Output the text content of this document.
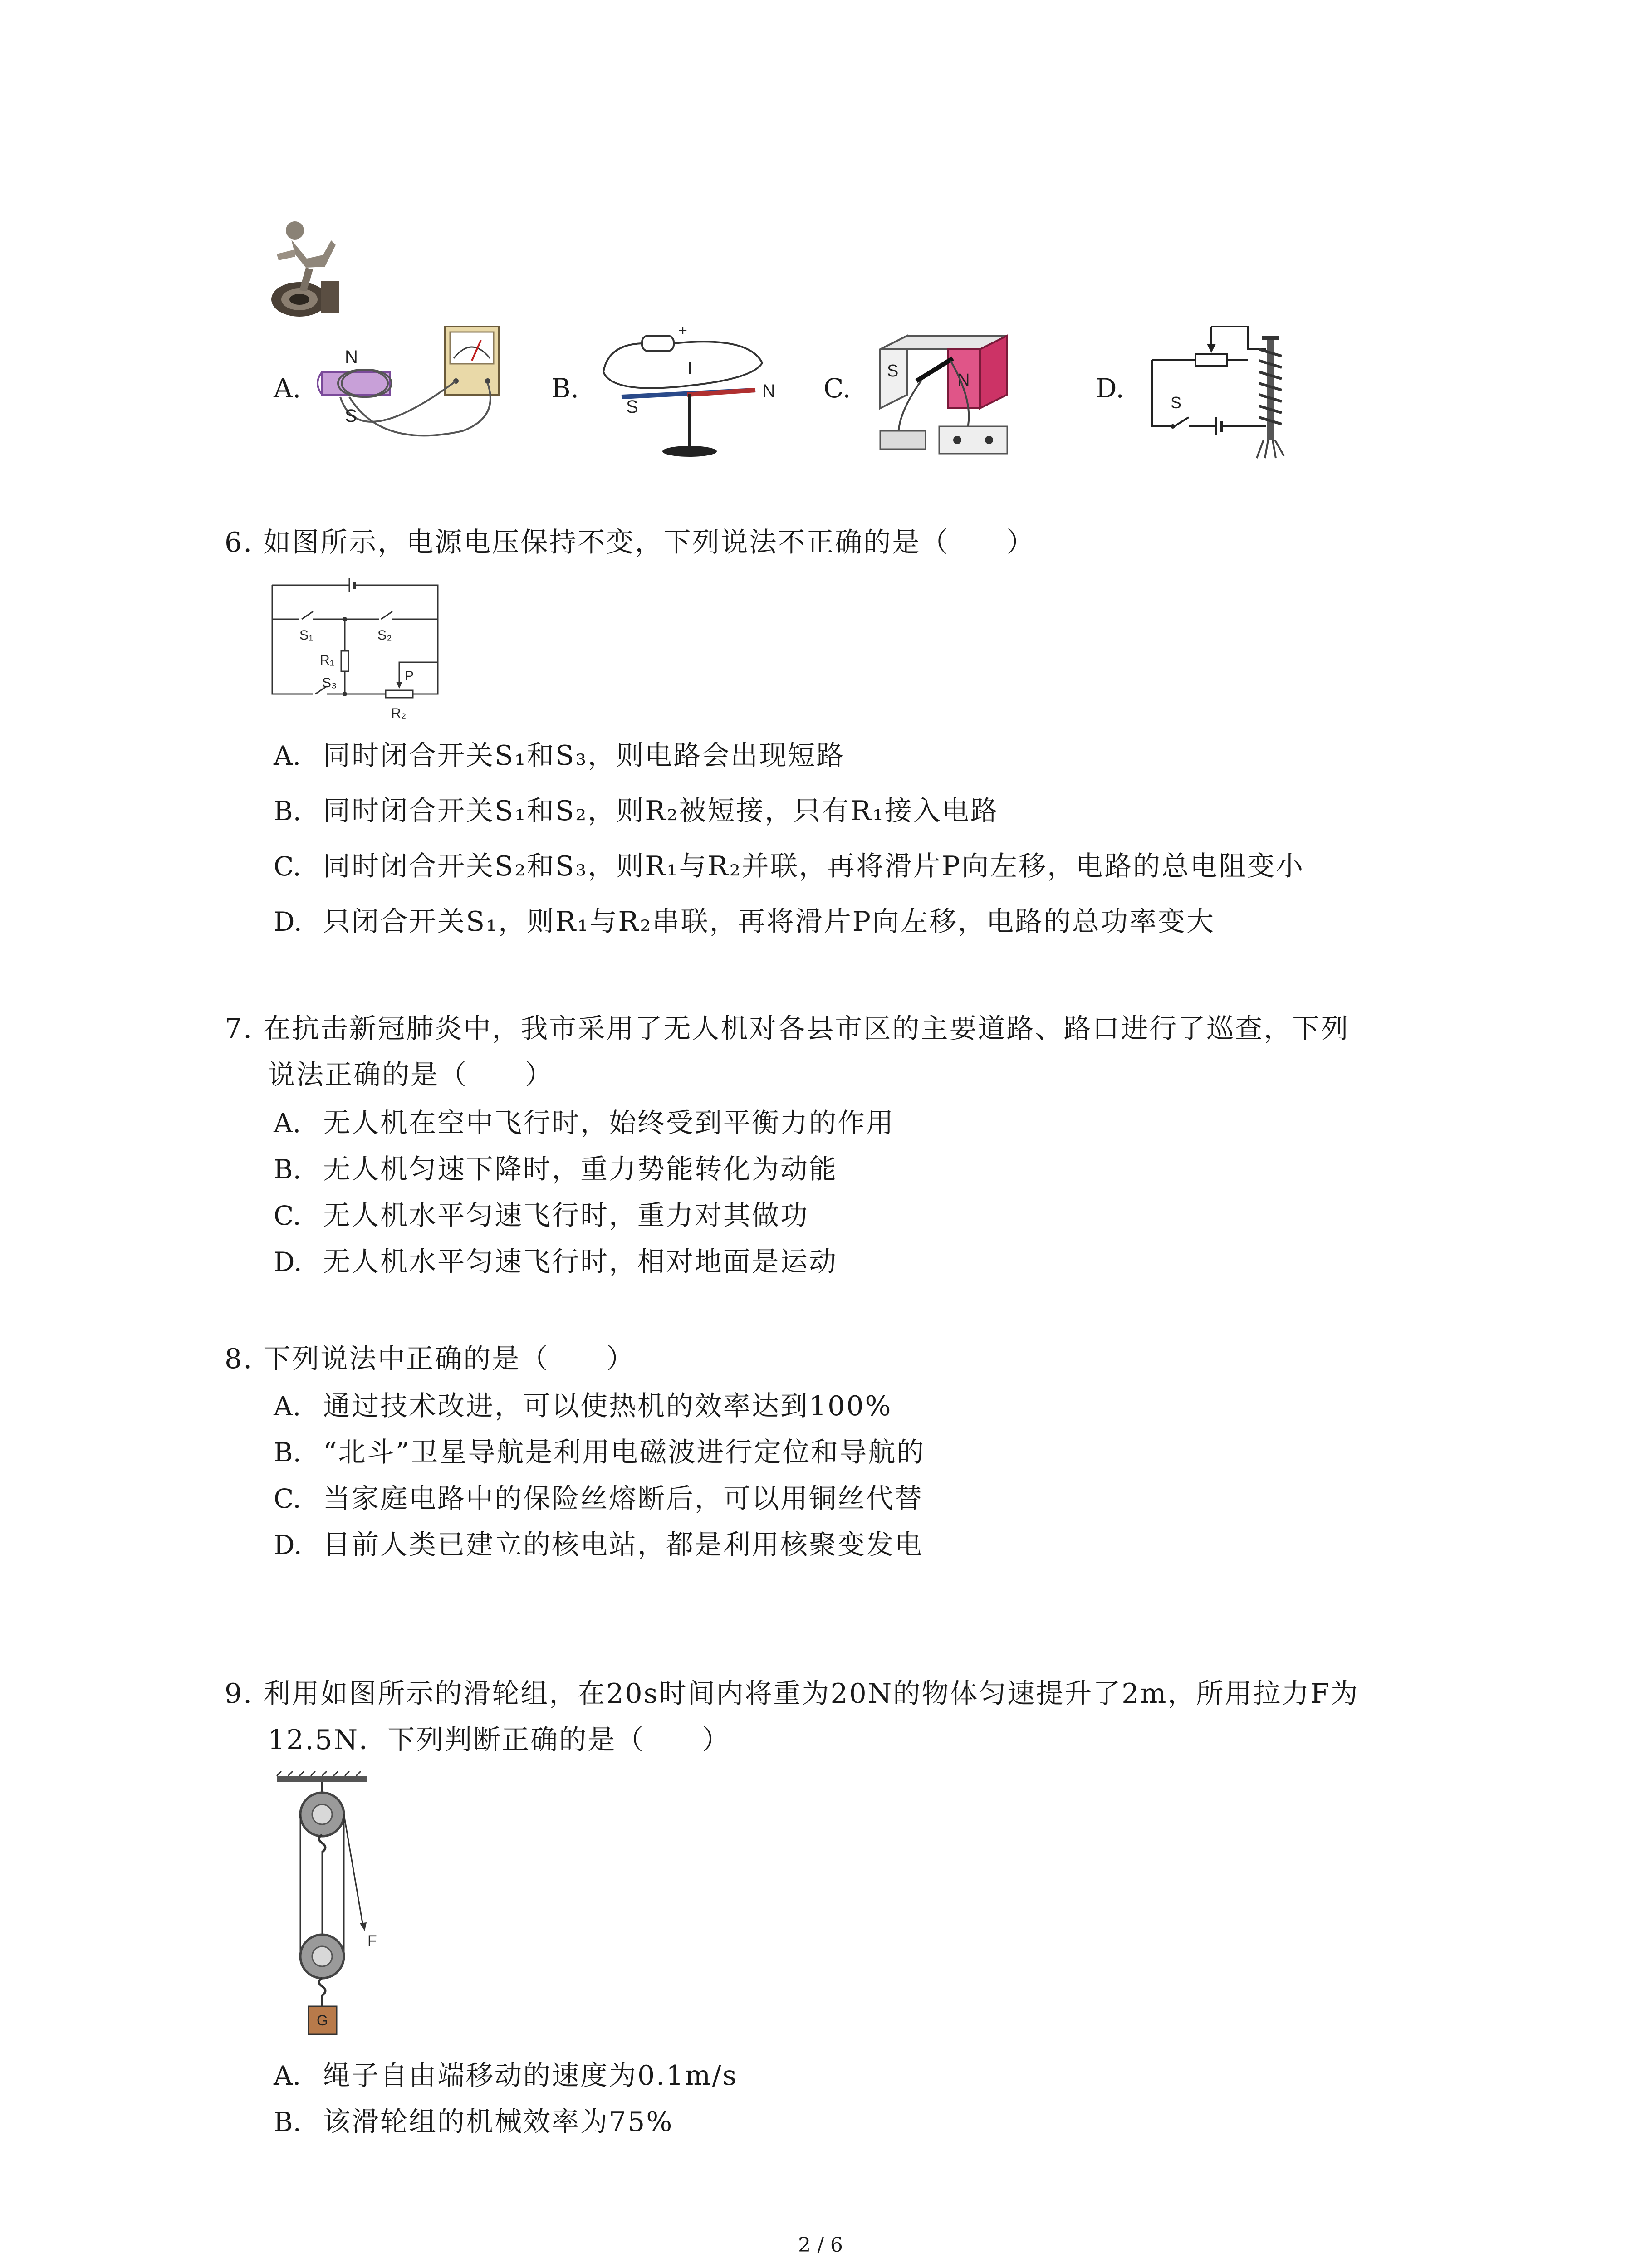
A.
N
S
B.
+
I
S
N C.
S	N	D.	S
6. 如图所示，电源电压保持不变，下列说法不正确的是（　　）
S₁	S₂
R₁
S₃	P
R₂
A. 同时闭合开关S₁和S₃，则电路会出现短路
B. 同时闭合开关S₁和S₂，则R₂被短接，只有R₁接入电路
C. 同时闭合开关S₂和S₃，则R₁与R₂并联，再将滑片P向左移，电路的总电阻变小
D. 只闭合开关S₁，则R₁与R₂串联，再将滑片P向左移，电路的总功率变大
7. 在抗击新冠肺炎中，我市采用了无人机对各县市区的主要道路、路口进行了巡查，下列
说法正确的是（　　）
A. 无人机在空中飞行时，始终受到平衡力的作用
B. 无人机匀速下降时，重力势能转化为动能
C. 无人机水平匀速飞行时，重力对其做功
D. 无人机水平匀速飞行时，相对地面是运动
8. 下列说法中正确的是（　　）
A. 通过技术改进，可以使热机的效率达到100%
B. “北斗”卫星导航是利用电磁波进行定位和导航的
C. 当家庭电路中的保险丝熔断后，可以用铜丝代替
D. 目前人类已建立的核电站，都是利用核聚变发电
9. 利用如图所示的滑轮组，在20s时间内将重为20N的物体匀速提升了2m，所用拉力F为
12.5N．下列判断正确的是（　　）
F
G
A. 绳子自由端移动的速度为0.1m/s
B. 该滑轮组的机械效率为75%
2 / 6
